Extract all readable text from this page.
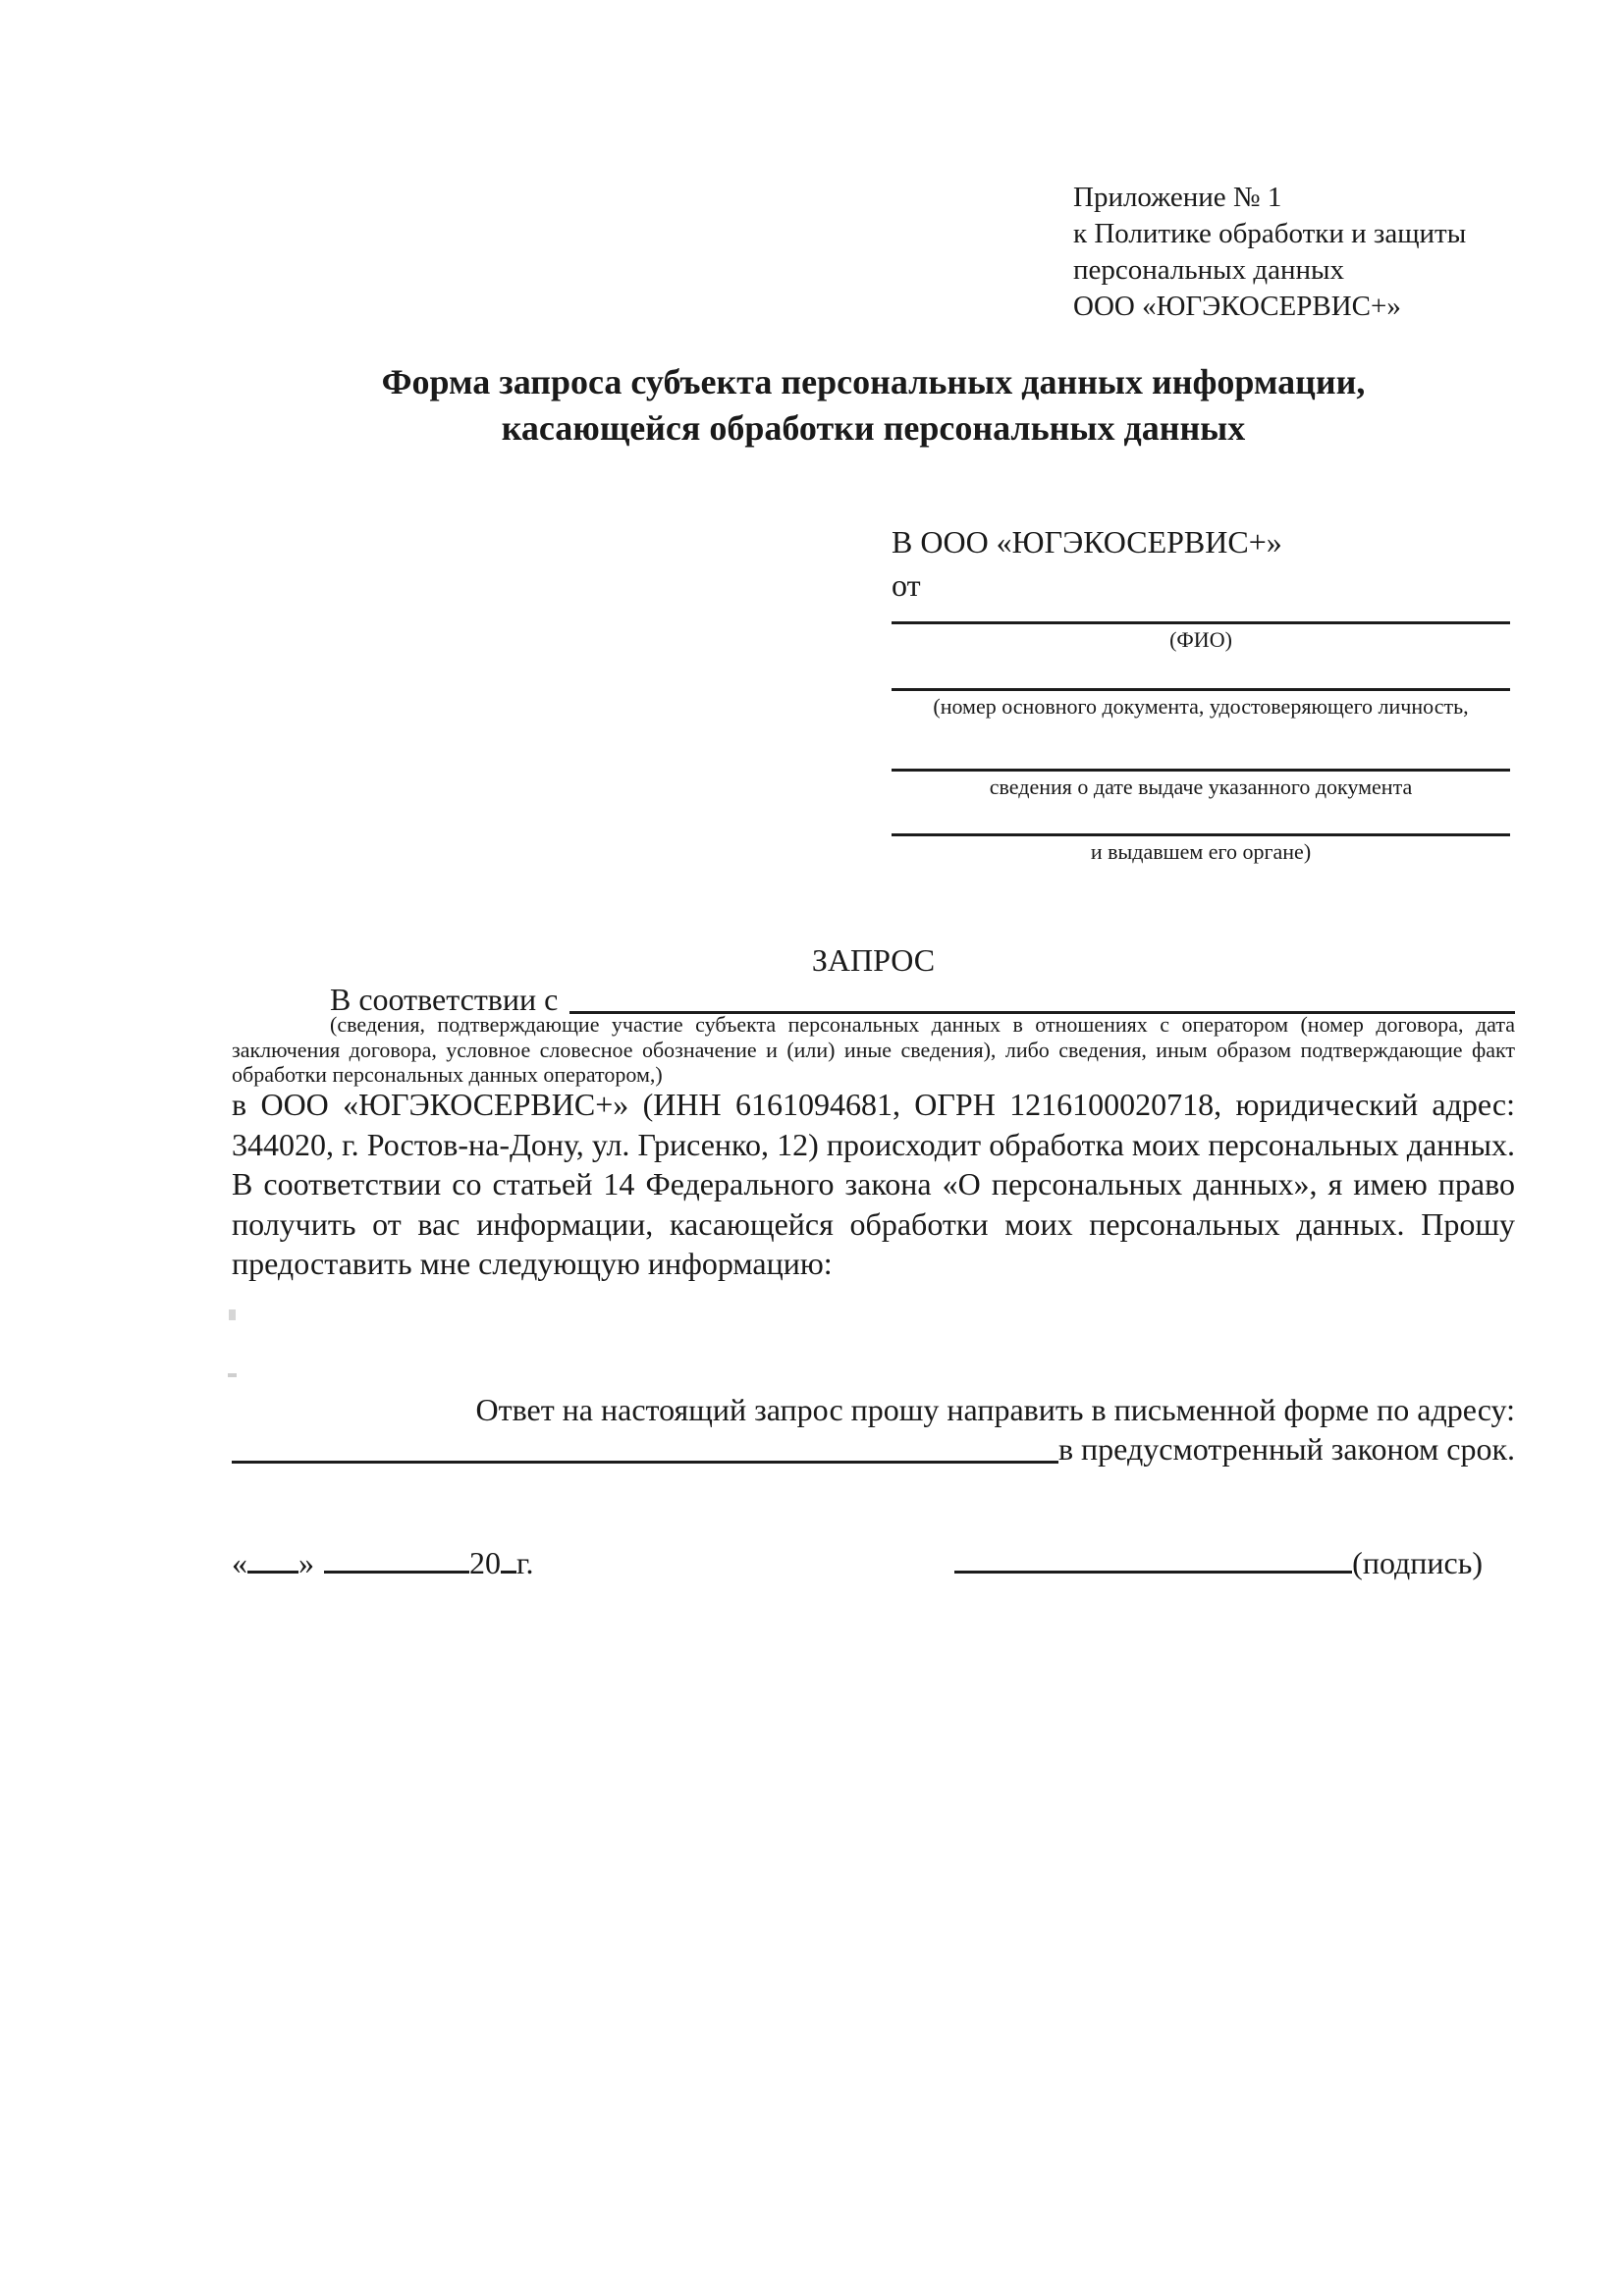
Приложение № 1
к Политике обработки и защиты
персональных данных
ООО «ЮГЭКОСЕРВИС+»
Форма запроса субъекта персональных данных информации,
касающейся обработки персональных данных
В ООО «ЮГЭКОСЕРВИС+»
от
(ФИО)
(номер основного документа, удостоверяющего личность,
сведения о дате выдаче указанного документа
и выдавшем его органе)
ЗАПРОС
В соответствии с
(сведения, подтверждающие участие субъекта персональных данных в отношениях с оператором (номер договора, дата заключения договора, условное словесное обозначение и (или) иные сведения), либо сведения, иным образом подтверждающие факт обработки персональных данных оператором,)
в ООО «ЮГЭКОСЕРВИС+» (ИНН 6161094681, ОГРН 1216100020718, юридический адрес: 344020, г. Ростов-на-Дону, ул. Грисенко, 12) происходит обработка моих персональных данных. В соответствии со статьей 14 Федерального закона «О персональных данных», я имею право получить от вас информации, касающейся обработки моих персональных данных. Прошу предоставить мне следующую информацию:
Ответ на настоящий запрос прошу направить в письменной форме по адресу:
в предусмотренный законом срок.
« »	20 г.	(подпись)
